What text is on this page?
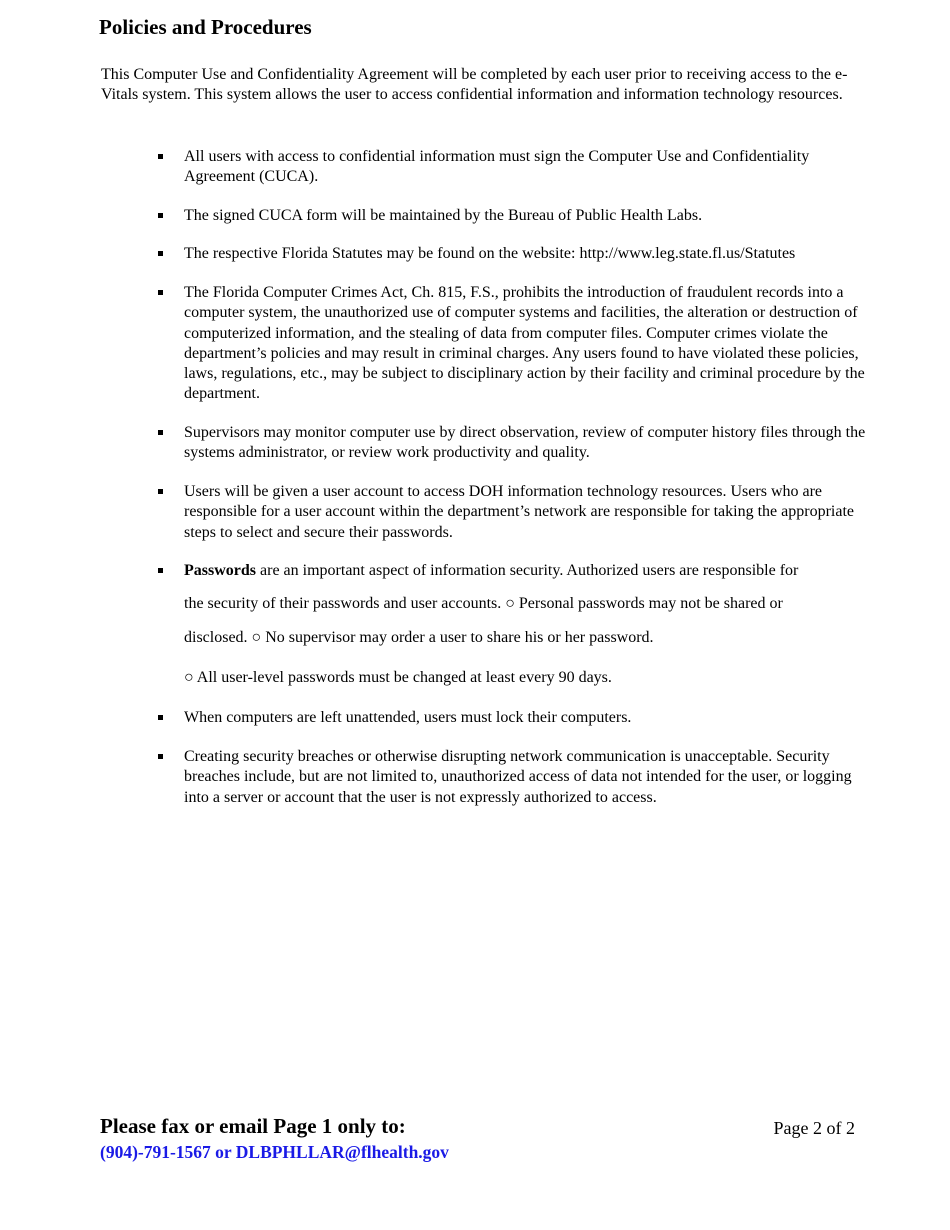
Policies and Procedures

This Computer Use and Confidentiality Agreement will be completed by each user prior to receiving access to the e-Vitals system. This system allows the user to access confidential information and information technology resources.

All users with access to confidential information must sign the Computer Use and Confidentiality Agreement (CUCA).
The signed CUCA form will be maintained by the Bureau of Public Health Labs.
The respective Florida Statutes may be found on the website: http://www.leg.state.fl.us/Statutes
The Florida Computer Crimes Act, Ch. 815, F.S., prohibits the introduction of fraudulent records into a computer system, the unauthorized use of computer systems and facilities, the alteration or destruction of computerized information, and the stealing of data from computer files. Computer crimes violate the department’s policies and may result in criminal charges. Any users found to have violated these policies, laws, regulations, etc., may be subject to disciplinary action by their facility and criminal procedure by the department.
Supervisors may monitor computer use by direct observation, review of computer history files through the systems administrator, or review work productivity and quality.
Users will be given a user account to access DOH information technology resources. Users who are responsible for a user account within the department’s network are responsible for taking the appropriate steps to select and secure their passwords.
Passwords are an important aspect of information security. Authorized users are responsible for
the security of their passwords and user accounts. ○ Personal passwords may not be shared or
disclosed. ○ No supervisor may order a user to share his or her password.
When computers are left unattended, users must lock their computers.
Creating security breaches or otherwise disrupting network communication is unacceptable. Security breaches include, but are not limited to, unauthorized access of data not intended for the user, or logging into a server or account that the user is not expressly authorized to access.
○ All user-level passwords must be changed at least every 90 days.
Please fax or email Page 1 only to:
(904)-791-1567 or DLBPHLLAR@flhealth.gov
Page 2 of 2
